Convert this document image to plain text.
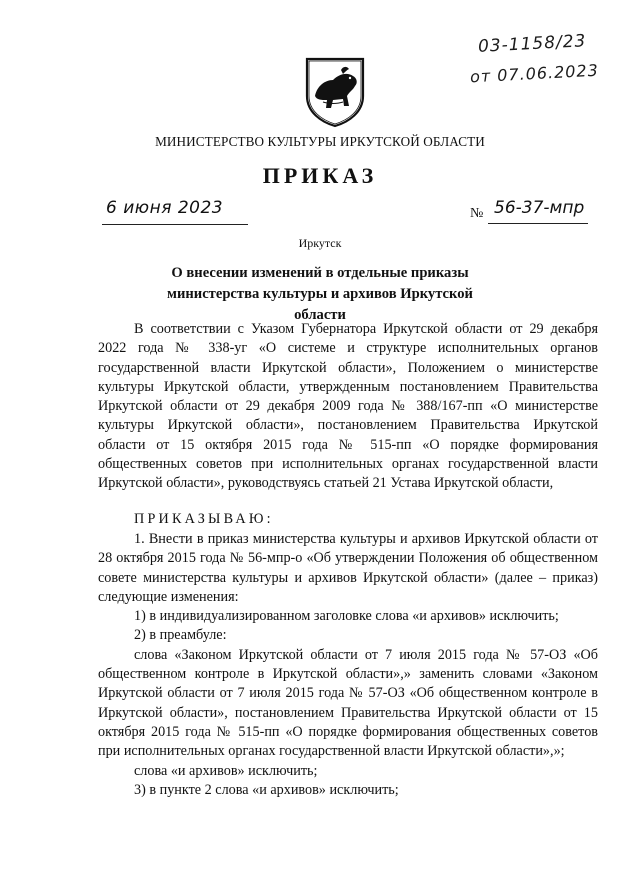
03-1158/23
от 07.06.2023
МИНИСТЕРСТВО КУЛЬТУРЫ ИРКУТСКОЙ ОБЛАСТИ
ПРИКАЗ
6 июня 2023	№ 56-37-мпр
Иркутск
О внесении изменений в отдельные приказы министерства культуры и архивов Иркутской области

В соответствии с Указом Губернатора Иркутской области от 29 декабря 2022 года № 338-уг «О системе и структуре исполнительных органов государственной власти Иркутской области», Положением о министерстве культуры Иркутской области, утвержденным постановлением Правительства Иркутской области от 29 декабря 2009 года № 388/167-пп «О министерстве культуры Иркутской области», постановлением Правительства Иркутской области от 15 октября 2015 года № 515-пп «О порядке формирования общественных советов при исполнительных органах государственной власти Иркутской области», руководствуясь статьей 21 Устава Иркутской области,

ПРИКАЗЫВАЮ:

1. Внести в приказ министерства культуры и архивов Иркутской области от 28 октября 2015 года № 56-мпр-о «Об утверждении Положения об общественном совете министерства культуры и архивов Иркутской области» (далее – приказ) следующие изменения:

1) в индивидуализированном заголовке слова «и архивов» исключить;

2) в преамбуле:

слова «Законом Иркутской области от 7 июля 2015 года № 57-ОЗ «Об общественном контроле в Иркутской области»,» заменить словами «Законом Иркутской области от 7 июля 2015 года № 57-ОЗ «Об общественном контроле в Иркутской области», постановлением Правительства Иркутской области от 15 октября 2015 года № 515-пп «О порядке формирования общественных советов при исполнительных органах государственной власти Иркутской области»,»;

слова «и архивов» исключить;

3) в пункте 2 слова «и архивов» исключить;
